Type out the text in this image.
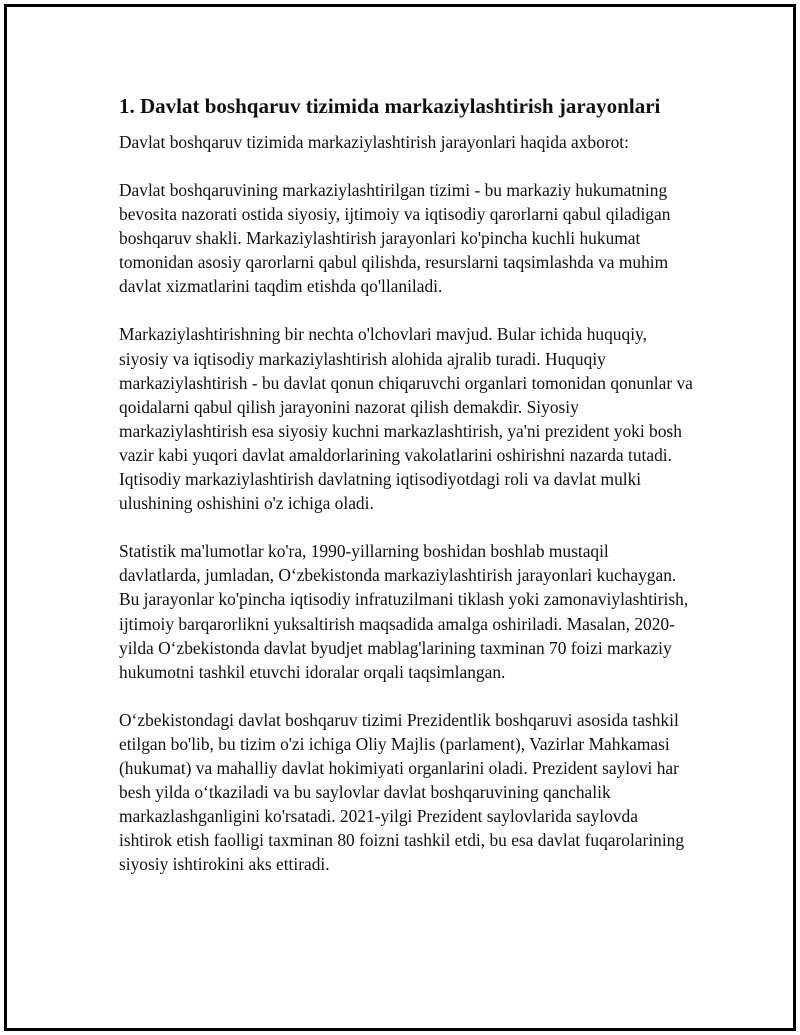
1. Davlat boshqaruv tizimida markaziylashtirish jarayonlari

Davlat boshqaruv tizimida markaziylashtirish jarayonlari haqida axborot:

Davlat boshqaruvining markaziylashtirilgan tizimi - bu markaziy hukumatning bevosita nazorati ostida siyosiy, ijtimoiy va iqtisodiy qarorlarni qabul qiladigan boshqaruv shakli. Markaziylashtirish jarayonlari ko'pincha kuchli hukumat tomonidan asosiy qarorlarni qabul qilishda, resurslarni taqsimlashda va muhim davlat xizmatlarini taqdim etishda qo'llaniladi.

Markaziylashtirishning bir nechta o'lchovlari mavjud. Bular ichida huquqiy, siyosiy va iqtisodiy markaziylashtirish alohida ajralib turadi. Huquqiy markaziylashtirish - bu davlat qonun chiqaruvchi organlari tomonidan qonunlar va qoidalarni qabul qilish jarayonini nazorat qilish demakdir. Siyosiy markaziylashtirish esa siyosiy kuchni markazlashtirish, ya'ni prezident yoki bosh vazir kabi yuqori davlat amaldorlarining vakolatlarini oshirishni nazarda tutadi. Iqtisodiy markaziylashtirish davlatning iqtisodiyotdagi roli va davlat mulki ulushining oshishini o'z ichiga oladi.

Statistik ma'lumotlar ko'ra, 1990-yillarning boshidan boshlab mustaqil davlatlarda, jumladan, O‘zbekistonda markaziylashtirish jarayonlari kuchaygan. Bu jarayonlar ko'pincha iqtisodiy infratuzilmani tiklash yoki zamonaviylashtirish, ijtimoiy barqarorlikni yuksaltirish maqsadida amalga oshiriladi. Masalan, 2020-yilda O‘zbekistonda davlat byudjet mablag'larining taxminan 70 foizi markaziy hukumotni tashkil etuvchi idoralar orqali taqsimlangan.

O‘zbekistondagi davlat boshqaruv tizimi Prezidentlik boshqaruvi asosida tashkil etilgan bo'lib, bu tizim o'zi ichiga Oliy Majlis (parlament), Vazirlar Mahkamasi (hukumat) va mahalliy davlat hokimiyati organlarini oladi. Prezident saylovi har besh yilda o‘tkaziladi va bu saylovlar davlat boshqaruvining qanchalik markazlashganligini ko'rsatadi. 2021-yilgi Prezident saylovlarida saylovda ishtirok etish faolligi taxminan 80 foizni tashkil etdi, bu esa davlat fuqarolarining siyosiy ishtirokini aks ettiradi.
